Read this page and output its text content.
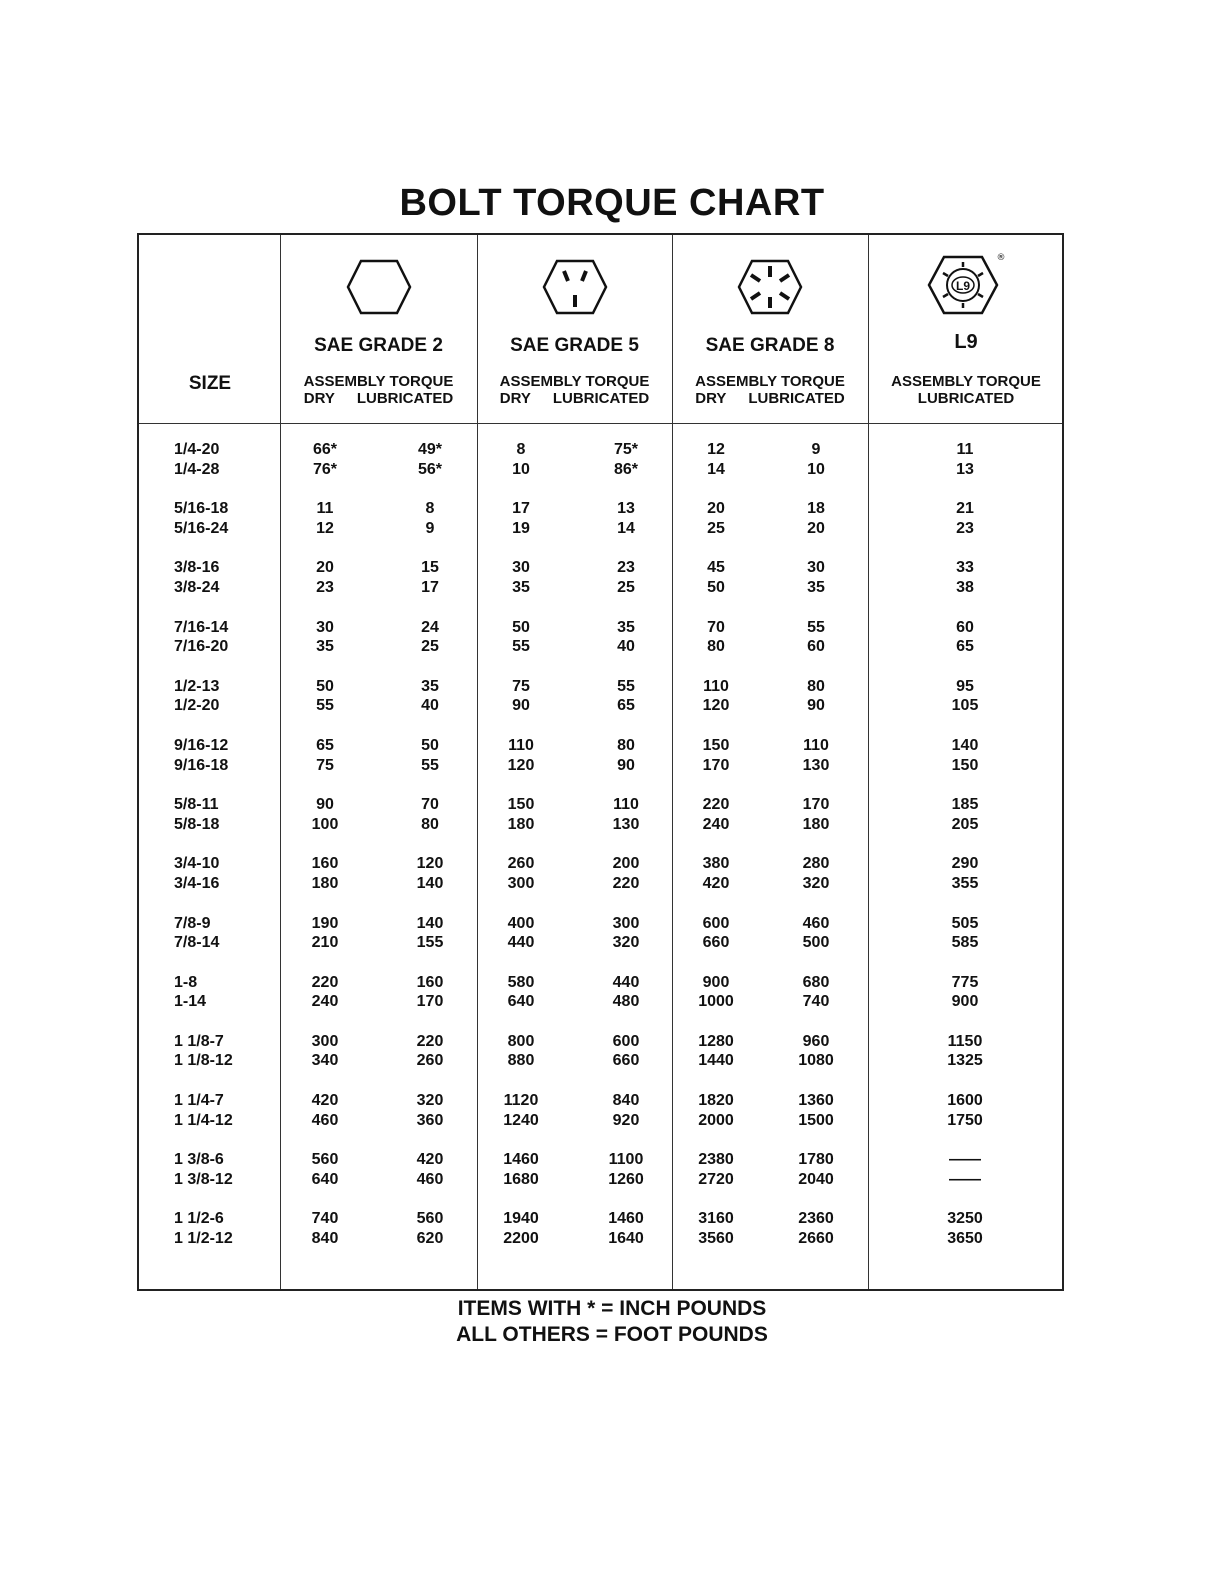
BOLT TORQUE CHART
SIZE
SAE GRADE 2
ASSEMBLY TORQUE
DRY LUBRICATED
SAE GRADE 5
ASSEMBLY TORQUE
DRY LUBRICATED
SAE GRADE 8
ASSEMBLY TORQUE
DRY LUBRICATED
L9
®
L9
ASSEMBLY TORQUE
LUBRICATED
1/4-20	66*	49*	8	75*	12	9	11
1/4-28	76*	56*	10	86*	14	10	13
5/16-18	11	8	17	13	20	18	21
5/16-24	12	9	19	14	25	20	23
3/8-16	20	15	30	23	45	30	33
3/8-24	23	17	35	25	50	35	38
7/16-14	30	24	50	35	70	55	60
7/16-20	35	25	55	40	80	60	65
1/2-13	50	35	75	55	110	80	95
1/2-20	55	40	90	65	120	90	105
9/16-12	65	50	110	80	150	110	140
9/16-18	75	55	120	90	170	130	150
5/8-11	90	70	150	110	220	170	185
5/8-18	100	80	180	130	240	180	205
3/4-10	160	120	260	200	380	280	290
3/4-16	180	140	300	220	420	320	355
7/8-9	190	140	400	300	600	460	505
7/8-14	210	155	440	320	660	500	585
1-8	220	160	580	440	900	680	775
1-14	240	170	640	480	1000	740	900
1 1/8-7	300	220	800	600	1280	960	1150
1 1/8-12	340	260	880	660	1440	1080	1325
1 1/4-7	420	320	1120	840	1820	1360	1600
1 1/4-12	460	360	1240	920	2000	1500	1750
1 3/8-6	560	420	1460	1100	2380	1780	——
1 3/8-12	640	460	1680	1260	2720	2040	——
1 1/2-6	740	560	1940	1460	3160	2360	3250
1 1/2-12	840	620	2200	1640	3560	2660	3650
ITEMS WITH * = INCH POUNDS
ALL OTHERS = FOOT POUNDS
